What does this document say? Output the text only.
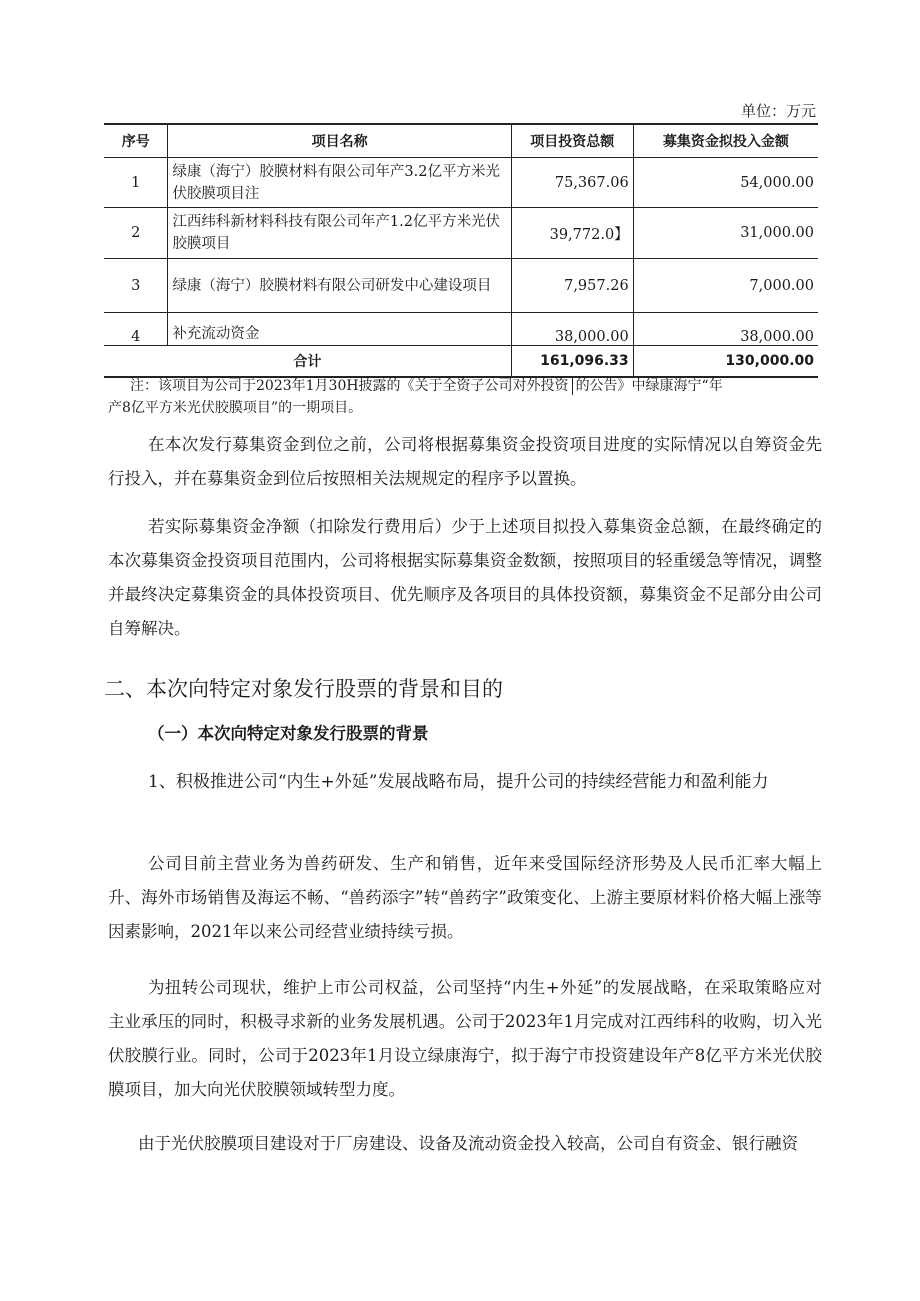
单位：万元
序号	项目名称	项目投资总额	募集资金拟投入金额
1	绿康（海宁）胶膜材料有限公司年产3.2亿平方米光伏胶膜项目注	75,367.06	54,000.00
2	江西纬科新材料科技有限公司年产1.2亿平方米光伏胶膜项目	39,772.0】	31,000.00
3	绿康（海宁）胶膜材料有限公司研发中心建设项目	7,957.26	7,000.00
4	补充流动资金	38,000.00	38,000.00
合计		161,096.33	130,000.00
注：该项目为公司于2023年1月30H披露的《关于全资子公司对外投资 的公告》中绿康海宁“年
产8亿平方米光伏胶膜项目”的一期项目。

在本次发行募集资金到位之前，公司将根据募集资金投资项目进度的实际情况以自筹资金先行投入，并在募集资金到位后按照相关法规规定的程序予以置换。

若实际募集资金净额（扣除发行费用后）少于上述项目拟投入募集资金总额，在最终确定的本次募集资金投资项目范围内，公司将根据实际募集资金数额，按照项目的轻重缓急等情况，调整并最终决定募集资金的具体投资项目、优先顺序及各项目的具体投资额，募集资金不足部分由公司自筹解决。

二、本次向特定对象发行股票的背景和目的
（一）本次向特定对象发行股票的背景

1、积极推进公司“内生+外延”发展战略布局，提升公司的持续经营能力和盈利能力

公司目前主营业务为兽药研发、生产和销售，近年来受国际经济形势及人民币汇率大幅上升、海外市场销售及海运不畅、“兽药添字”转“兽药字”政策变化、上游主要原材料价格大幅上涨等因素影响，2021年以来公司经营业绩持续亏损。

为扭转公司现状，维护上市公司权益，公司坚持“内生+外延”的发展战略，在采取策略应对主业承压的同时，积极寻求新的业务发展机遇。公司于2023年1月完成对江西纬科的收购，切入光伏胶膜行业。同时，公司于2023年1月设立绿康海宁，拟于海宁市投资建设年产8亿平方米光伏胶膜项目，加大向光伏胶膜领域转型力度。

由于光伏胶膜项目建设对于厂房建设、设备及流动资金投入较高，公司自有资金、银行融资
